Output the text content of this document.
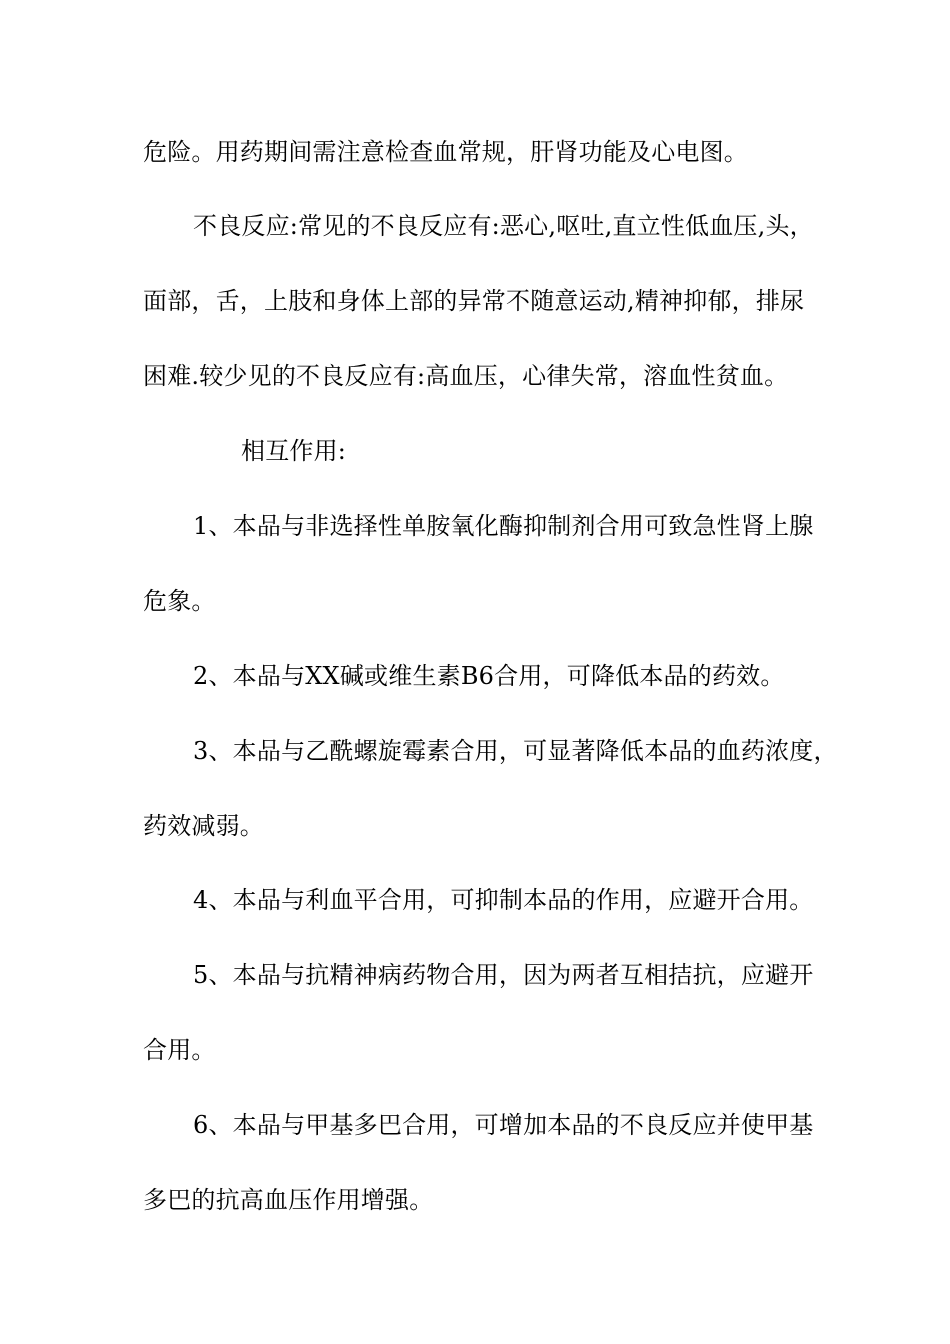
危险。用药期间需注意检查血常规，肝肾功能及心电图。
不良反应:常见的不良反应有:恶心,呕吐,直立性低血压,头，
面部，舌，上肢和身体上部的异常不随意运动,精神抑郁，排尿
困难.较少见的不良反应有:高血压，心律失常，溶血性贫血。
相互作用:
1、本品与非选择性单胺氧化酶抑制剂合用可致急性肾上腺
危象。
2、本品与XX碱或维生素B6合用，可降低本品的药效。
3、本品与乙酰螺旋霉素合用，可显著降低本品的血药浓度，
药效减弱。
4、本品与利血平合用，可抑制本品的作用，应避开合用。
5、本品与抗精神病药物合用，因为两者互相拮抗，应避开
合用。
6、本品与甲基多巴合用，可增加本品的不良反应并使甲基
多巴的抗高血压作用增强。
